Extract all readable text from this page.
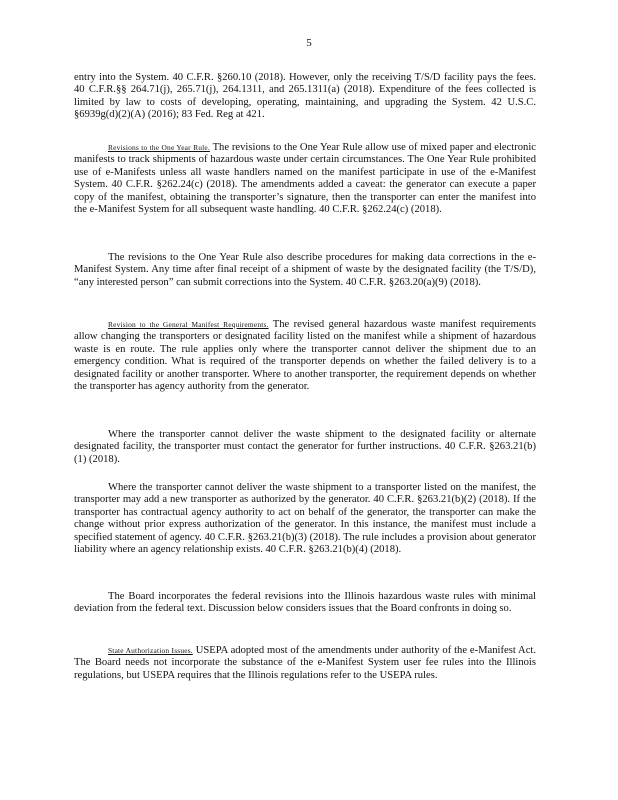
5

entry into the System. 40 C.F.R. §260.10 (2018). However, only the receiving T/S/D facility pays the fees. 40 C.F.R.§§ 264.71(j), 265.71(j), 264.1311, and 265.1311(a) (2018). Expenditure of the fees collected is limited by law to costs of developing, operating, maintaining, and upgrading the System. 42 U.S.C. §6939g(d)(2)(A) (2016); 83 Fed. Reg at 421.

Revisions to the One Year Rule. The revisions to the One Year Rule allow use of mixed paper and electronic manifests to track shipments of hazardous waste under certain circumstances. The One Year Rule prohibited use of e-Manifests unless all waste handlers named on the manifest participate in use of the e-Manifest System. 40 C.F.R. §262.24(c) (2018). The amendments added a caveat: the generator can execute a paper copy of the manifest, obtaining the transporter’s signature, then the transporter can enter the manifest into the e-Manifest System for all subsequent waste handling. 40 C.F.R. §262.24(c) (2018).

The revisions to the One Year Rule also describe procedures for making data corrections in the e-Manifest System. Any time after final receipt of a shipment of waste by the designated facility (the T/S/D), “any interested person” can submit corrections into the System. 40 C.F.R. §263.20(a)(9) (2018).

Revision to the General Manifest Requirements. The revised general hazardous waste manifest requirements allow changing the transporters or designated facility listed on the manifest while a shipment of hazardous waste is en route. The rule applies only where the transporter cannot deliver the shipment due to an emergency condition. What is required of the transporter depends on whether the failed delivery is to a designated facility or another transporter. Where to another transporter, the requirement depends on whether the transporter has agency authority from the generator.

Where the transporter cannot deliver the waste shipment to the designated facility or alternate designated facility, the transporter must contact the generator for further instructions. 40 C.F.R. §263.21(b)(1) (2018).

Where the transporter cannot deliver the waste shipment to a transporter listed on the manifest, the transporter may add a new transporter as authorized by the generator. 40 C.F.R. §263.21(b)(2) (2018). If the transporter has contractual agency authority to act on behalf of the generator, the transporter can make the change without prior express authorization of the generator. In this instance, the manifest must include a specified statement of agency. 40 C.F.R. §263.21(b)(3) (2018). The rule includes a provision about generator liability where an agency relationship exists. 40 C.F.R. §263.21(b)(4) (2018).

The Board incorporates the federal revisions into the Illinois hazardous waste rules with minimal deviation from the federal text. Discussion below considers issues that the Board confronts in doing so.

State Authorization Issues. USEPA adopted most of the amendments under authority of the e-Manifest Act. The Board needs not incorporate the substance of the e-Manifest System user fee rules into the Illinois regulations, but USEPA requires that the Illinois regulations refer to the USEPA rules.
